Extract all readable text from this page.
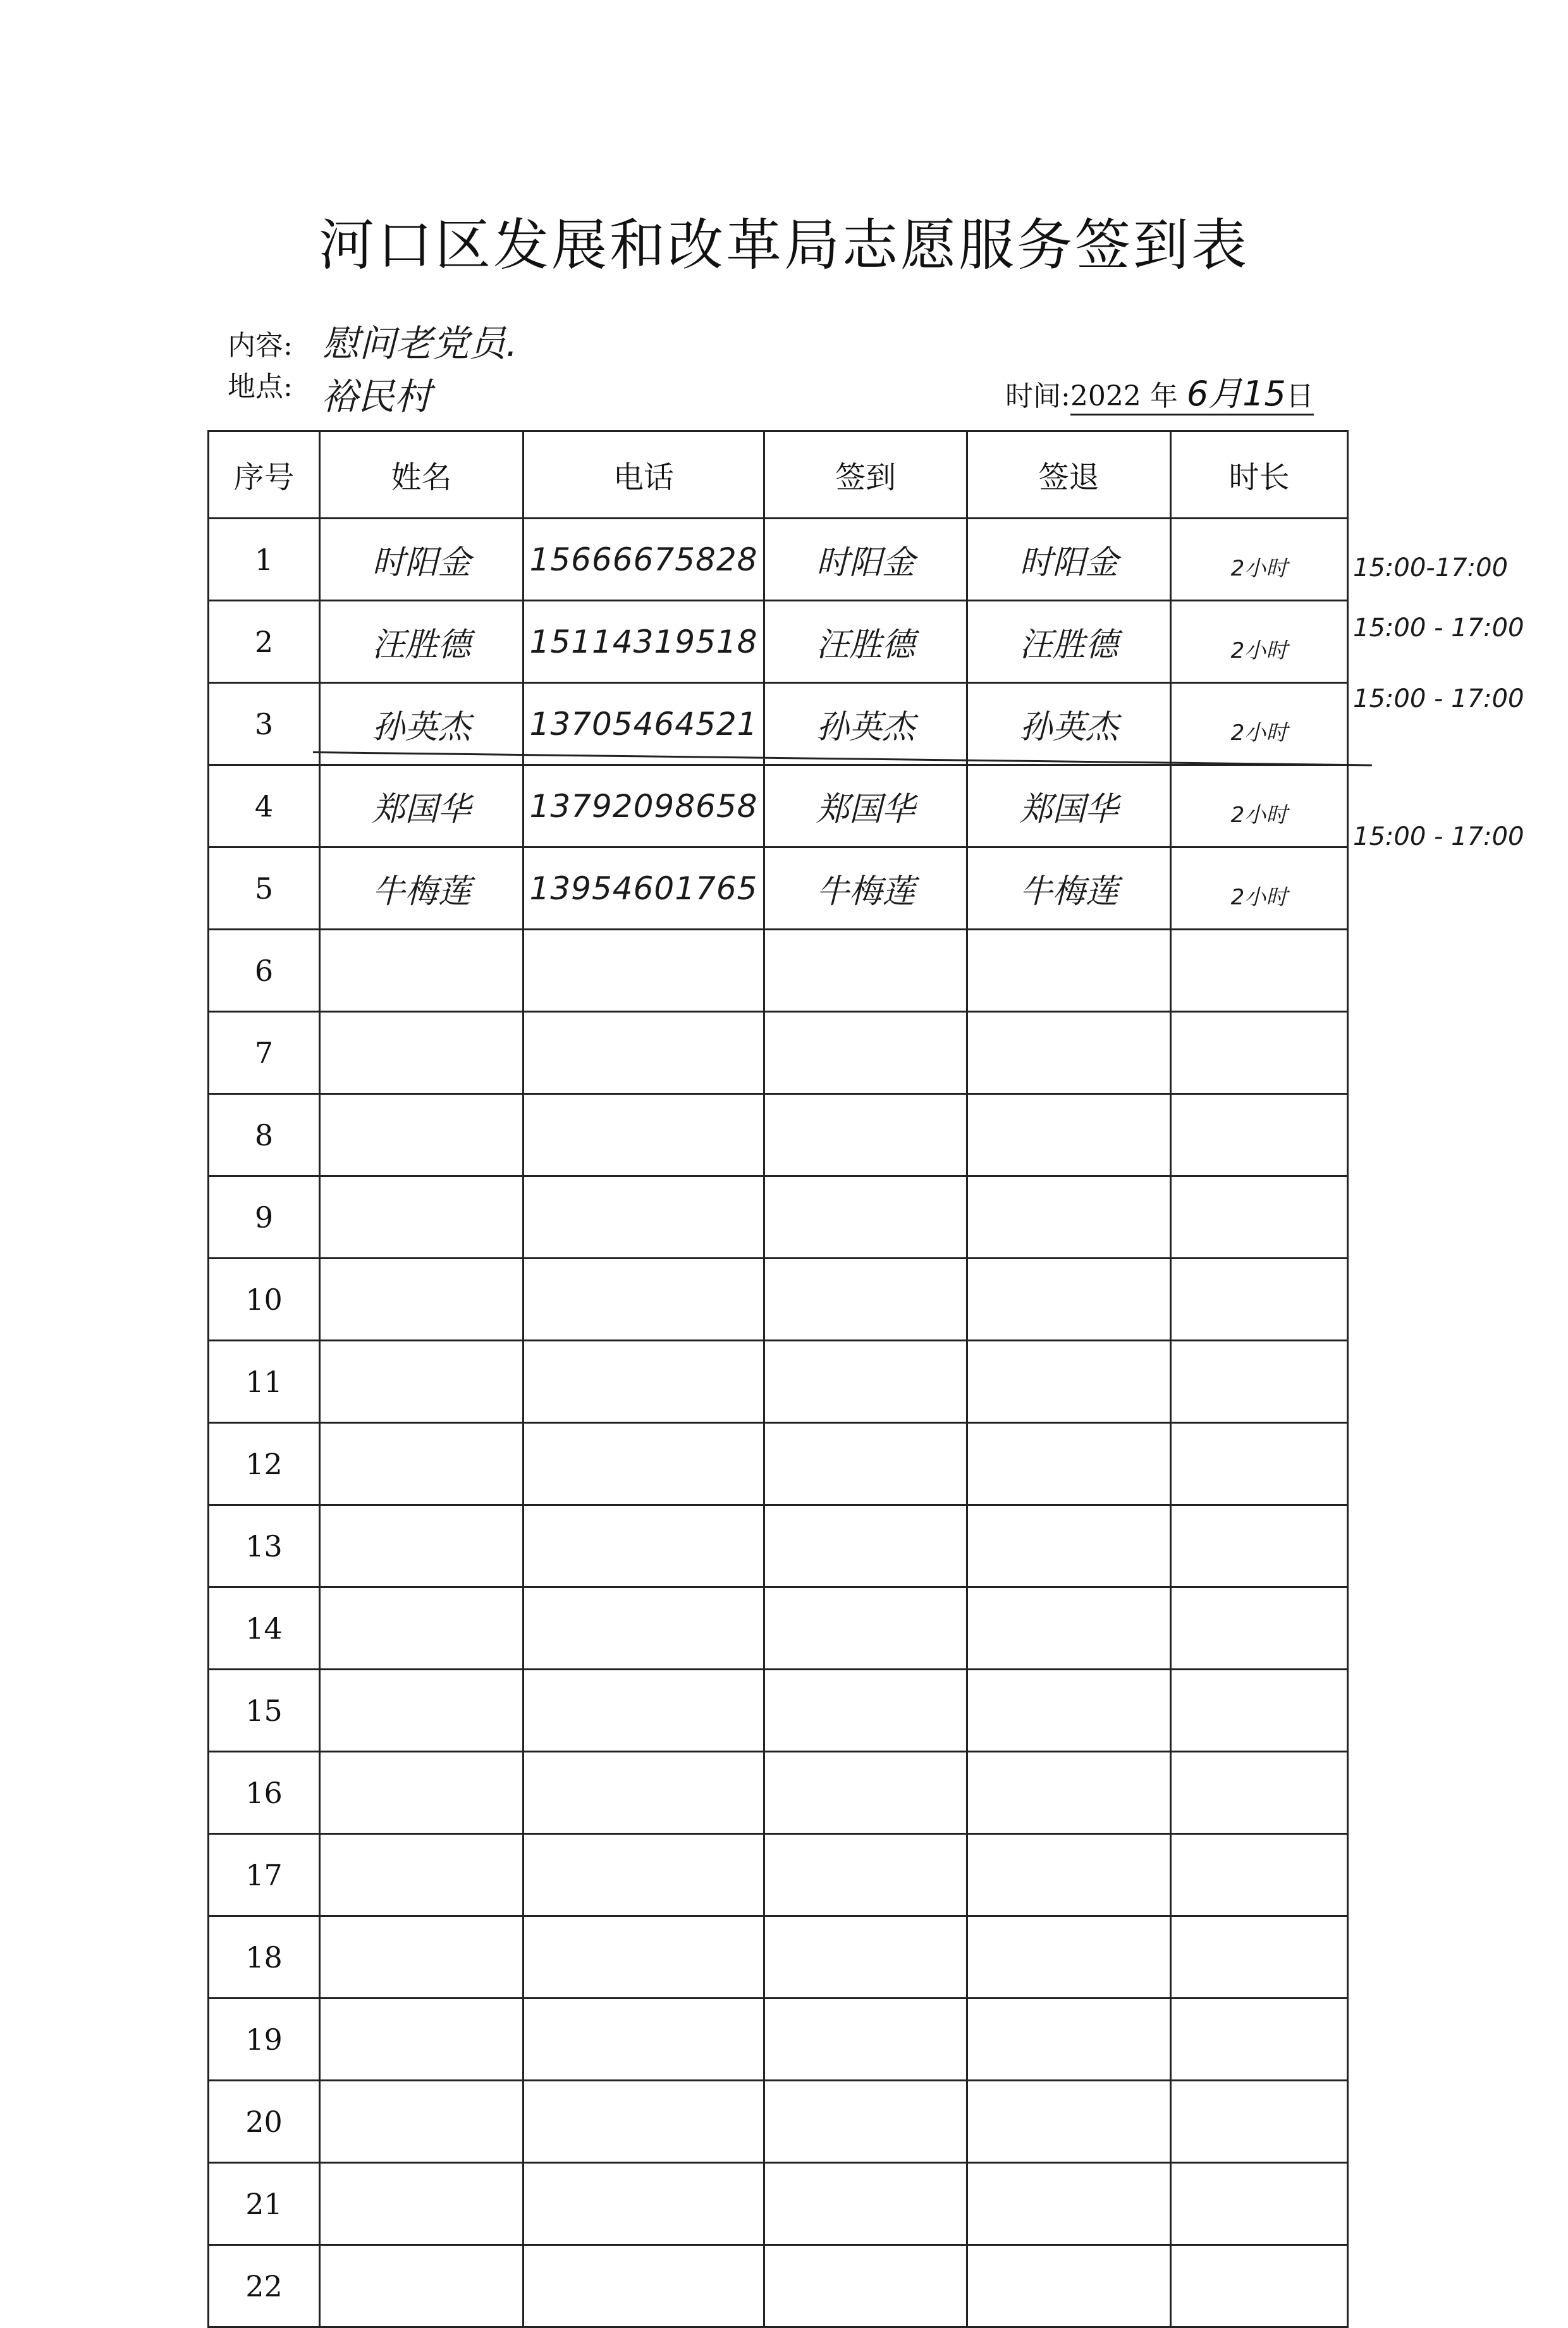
河口区发展和改革局志愿服务签到表
内容: 慰问老党员.
地点: 裕民村	时间:2022 年 6月15日
序号	姓名	电话	签到	签退	时长
1	时阳金	15666675828	时阳金	时阳金	2小时
2	汪胜德	15114319518	汪胜德	汪胜德	2小时
3	孙英杰	13705464521	孙英杰	孙英杰	2小时
4	郑国华	13792098658	郑国华	郑国华	2小时
5	牛梅莲	13954601765	牛梅莲	牛梅莲	2小时
6					
7					
8					
9					
10					
11					
12					
13					
14					
15					
16					
17					
18					
19					
20					
21					
22					
15:00-17:00
15:00 - 17:00
15:00 - 17:00
15:00 - 17:00
